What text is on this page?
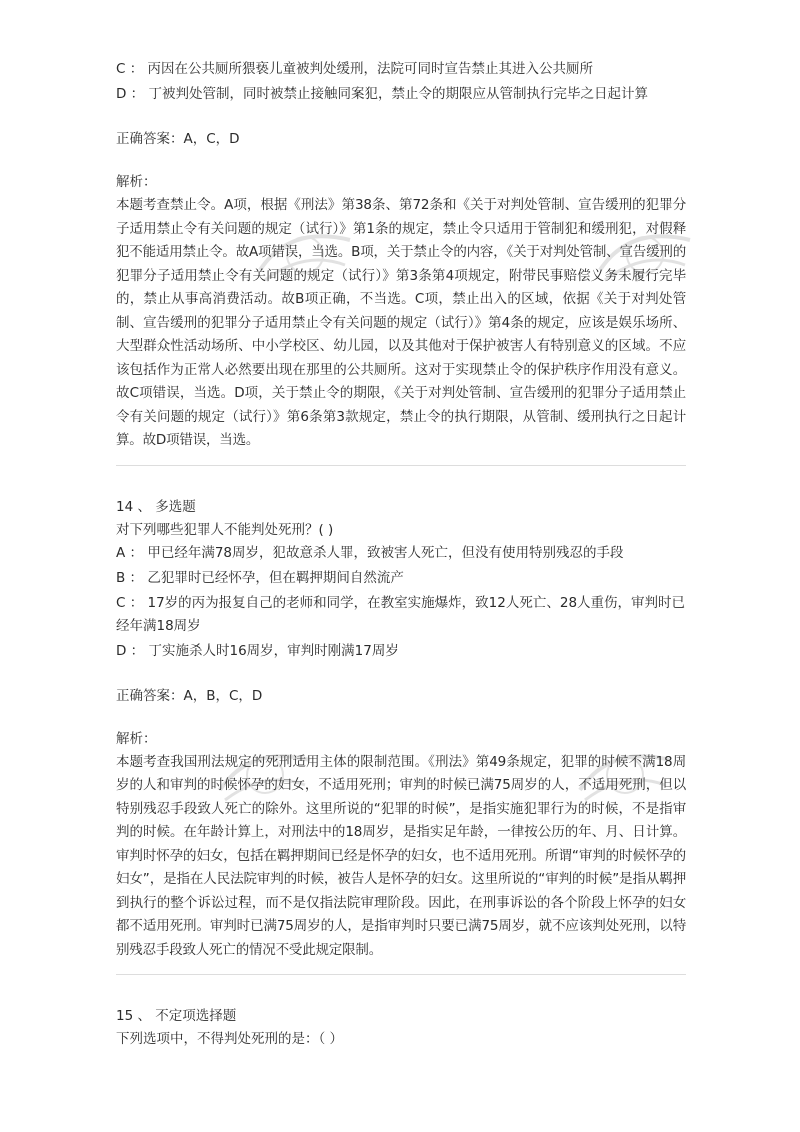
C ： 丙因在公共厕所猥亵儿童被判处缓刑，法院可同时宣告禁止其进入公共厕所

D ： 丁被判处管制，同时被禁止接触同案犯，禁止令的期限应从管制执行完毕之日起计算

正确答案：A，C，D

解析：

本题考查禁止令。A项，根据《刑法》第38条、第72条和《关于对判处管制、宣告缓刑的犯罪分子适用禁止令有关问题的规定（试行）》第1条的规定，禁止令只适用于管制犯和缓刑犯，对假释犯不能适用禁止令。故A项错误，当选。B项，关于禁止令的内容，《关于对判处管制、宣告缓刑的犯罪分子适用禁止令有关问题的规定（试行）》第3条第4项规定，附带民事赔偿义务未履行完毕的，禁止从事高消费活动。故B项正确，不当选。C项，禁止出入的区域，依据《关于对判处管制、宣告缓刑的犯罪分子适用禁止令有关问题的规定（试行）》第4条的规定，应该是娱乐场所、大型群众性活动场所、中小学校区、幼儿园，以及其他对于保护被害人有特别意义的区域。不应该包括作为正常人必然要出现在那里的公共厕所。这对于实现禁止令的保护秩序作用没有意义。故C项错误，当选。D项，关于禁止令的期限，《关于对判处管制、宣告缓刑的犯罪分子适用禁止令有关问题的规定（试行）》第6条第3款规定，禁止令的执行期限，从管制、缓刑执行之日起计算。故D项错误，当选。

14 、 多选题

对下列哪些犯罪人不能判处死刑？( )

A ： 甲已经年满78周岁，犯故意杀人罪，致被害人死亡，但没有使用特别残忍的手段

B ： 乙犯罪时已经怀孕，但在羁押期间自然流产

C ： 17岁的丙为报复自己的老师和同学，在教室实施爆炸，致12人死亡、28人重伤，审判时已经年满18周岁

D ： 丁实施杀人时16周岁，审判时刚满17周岁

正确答案：A，B，C，D

解析：

本题考查我国刑法规定的死刑适用主体的限制范围。《刑法》第49条规定，犯罪的时候不满18周岁的人和审判的时候怀孕的妇女，不适用死刑；审判的时候已满75周岁的人，不适用死刑，但以特别残忍手段致人死亡的除外。这里所说的“犯罪的时候”，是指实施犯罪行为的时候，不是指审判的时候。在年龄计算上，对刑法中的18周岁，是指实足年龄，一律按公历的年、月、日计算。审判时怀孕的妇女，包括在羁押期间已经是怀孕的妇女，也不适用死刑。所谓“审判的时候怀孕的妇女”，是指在人民法院审判的时候，被告人是怀孕的妇女。这里所说的“审判的时候”是指从羁押到执行的整个诉讼过程，而不是仅指法院审理阶段。因此，在刑事诉讼的各个阶段上怀孕的妇女都不适用死刑。审判时已满75周岁的人，是指审判时只要已满75周岁，就不应该判处死刑，以特别残忍手段致人死亡的情况不受此规定限制。

15 、 不定项选择题

下列选项中，不得判处死刑的是：（ ）
